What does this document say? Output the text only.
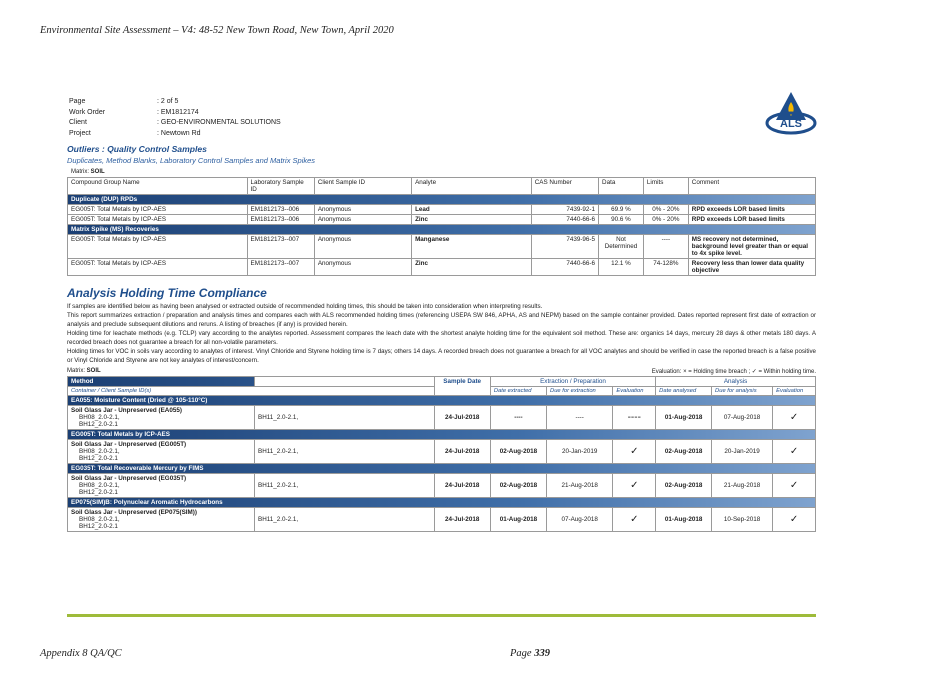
Environmental Site Assessment – V4: 48-52 New Town Road, New Town, April 2020
Page	: 2 of 5
Work Order	: EM1812174
Client	: GEO-ENVIRONMENTAL SOLUTIONS
Project	: Newtown Rd
ALS
Outliers : Quality Control Samples
Duplicates, Method Blanks, Laboratory Control Samples and Matrix Spikes
Matrix: SOIL
Compound Group Name	Laboratory Sample ID	Client Sample ID	Analyte	CAS Number	Data	Limits	Comment
Duplicate (DUP) RPDs							
EG005T: Total Metals by ICP-AES	EM1812173--006	Anonymous	Lead	7439-92-1	69.9 %	0% - 20%	RPD exceeds LOR based limits
EG005T: Total Metals by ICP-AES	EM1812173--006	Anonymous	Zinc	7440-66-6	90.6 %	0% - 20%	RPD exceeds LOR based limits
Matrix Spike (MS) Recoveries							
EG005T: Total Metals by ICP-AES	EM1812173--007	Anonymous	Manganese	7439-96-5	Not Determined	----	MS recovery not determined, background level greater than or equal to 4x spike level.
EG005T: Total Metals by ICP-AES	EM1812173--007	Anonymous	Zinc	7440-66-6	12.1 %	74-128%	Recovery less than lower data quality objective
Analysis Holding Time Compliance

If samples are identified below as having been analysed or extracted outside of recommended holding times, this should be taken into consideration when interpreting results.

This report summarizes extraction / preparation and analysis times and compares each with ALS recommended holding times (referencing USEPA SW 846, APHA, AS and NEPM) based on the sample container provided. Dates reported represent first date of extraction or analysis and preclude subsequent dilutions and reruns. A listing of breaches (if any) is provided herein.

Holding time for leachate methods (e.g. TCLP) vary according to the analytes reported. Assessment compares the leach date with the shortest analyte holding time for the equivalent soil method. These are: organics 14 days, mercury 28 days & other metals 180 days. A recorded breach does not guarantee a breach for all non-volatile parameters.

Holding times for VOC in soils vary according to analytes of interest. Vinyl Chloride and Styrene holding time is 7 days; others 14 days. A recorded breach does not guarantee a breach for all VOC analytes and should be verified in case the reported breach is a false positive or Vinyl Chloride and Styrene are not key analytes of interest/concern.

Matrix: SOIL	Evaluation: × = Holding time breach ; ✓ = Within holding time.
Method		Sample Date	Extraction / Preparation			Analysis		
Container / Client Sample ID(s)			Date extracted	Due for extraction	Evaluation	Date analysed	Due for analysis	Evaluation
EA055: Moisture Content (Dried @ 105-110°C)								

Soil Glass Jar - Unpreserved (EA055)
BH08_2.0-2.1,
BH12_2.0-2.1	BH11_2.0-2.1,	24-Jul-2018	----	----	----	01-Aug-2018	07-Aug-2018	✓
EG005T: Total Metals by ICP-AES								

Soil Glass Jar - Unpreserved (EG005T)
BH08_2.0-2.1,
BH12_2.0-2.1	BH11_2.0-2.1,	24-Jul-2018	02-Aug-2018	20-Jan-2019	✓	02-Aug-2018	20-Jan-2019	✓
EG035T: Total Recoverable Mercury by FIMS								

Soil Glass Jar - Unpreserved (EG035T)
BH08_2.0-2.1,
BH12_2.0-2.1	BH11_2.0-2.1,	24-Jul-2018	02-Aug-2018	21-Aug-2018	✓	02-Aug-2018	21-Aug-2018	✓
EP075(SIM)B: Polynuclear Aromatic Hydrocarbons								

Soil Glass Jar - Unpreserved (EP075(SIM))
BH08_2.0-2.1,
BH12_2.0-2.1	BH11_2.0-2.1,	24-Jul-2018	01-Aug-2018	07-Aug-2018	✓	01-Aug-2018	10-Sep-2018	✓
Appendix 8 QA/QC	Page 339
